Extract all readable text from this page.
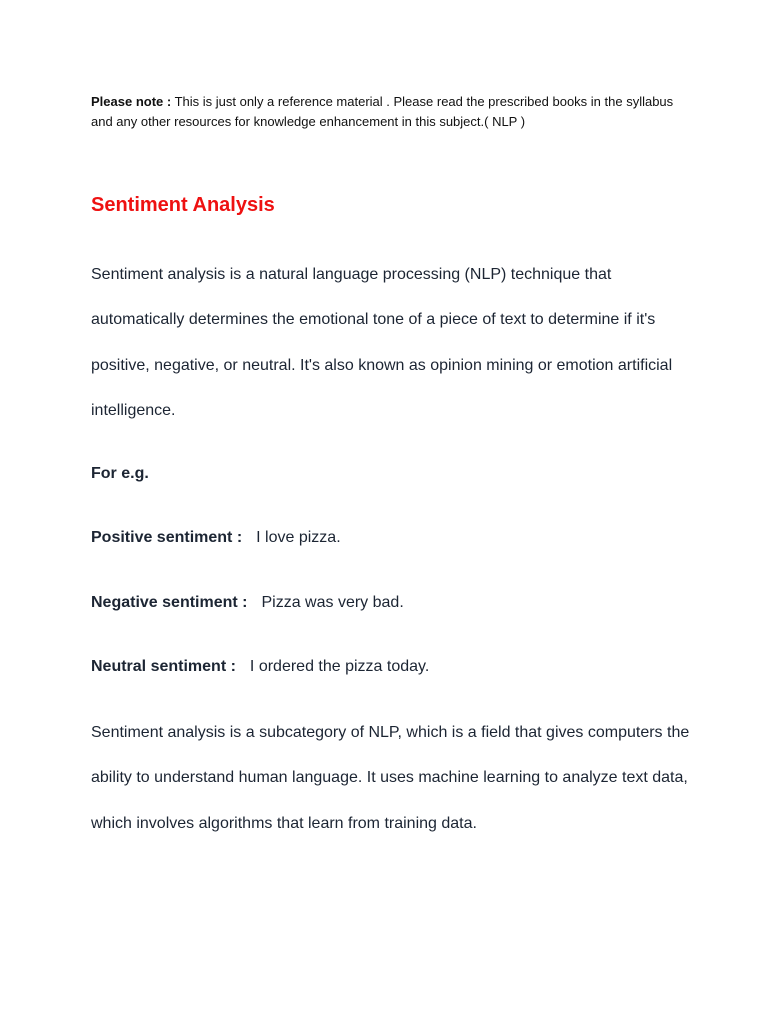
Please note : This is just only a reference material . Please read the prescribed books in the syllabus and any other resources for knowledge enhancement in this subject.( NLP )
Sentiment Analysis

Sentiment analysis is a natural language processing (NLP) technique that automatically determines the emotional tone of a piece of text to determine if it's positive, negative, or neutral. It's also known as opinion mining or emotion artificial intelligence.

For e.g.
Positive sentiment : I love pizza.
Negative sentiment : Pizza was very bad.
Neutral sentiment : I ordered the pizza today.

Sentiment analysis is a subcategory of NLP, which is a field that gives computers the ability to understand human language. It uses machine learning to analyze text data, which involves algorithms that learn from training data.
